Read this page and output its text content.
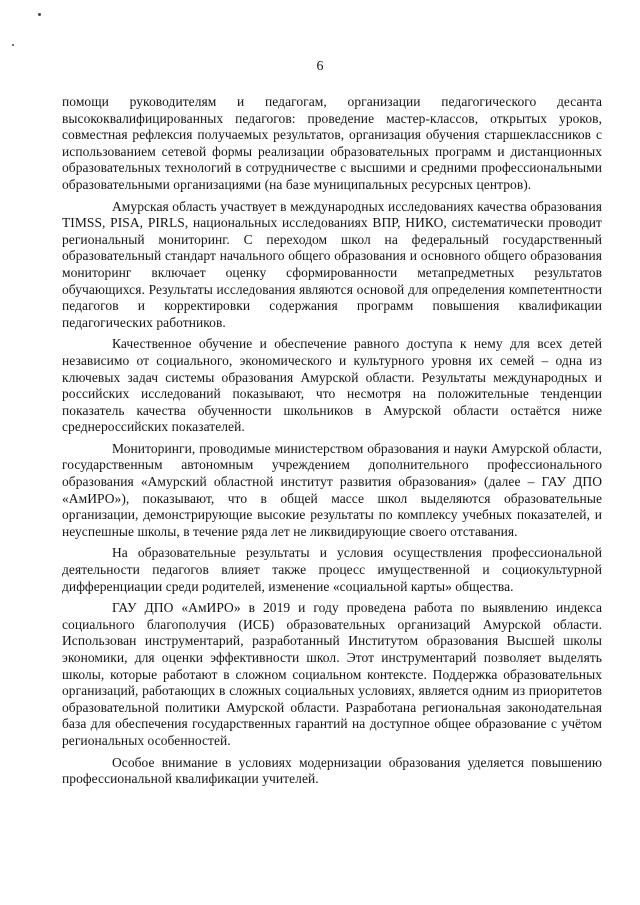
6

помощи руководителям и педагогам, организации педагогического десанта высококвалифицированных педагогов: проведение мастер-классов, открытых уроков, совместная рефлексия получаемых результатов, организация обучения старшеклассников с использованием сетевой формы реализации образовательных программ и дистанционных образовательных технологий в сотрудничестве с высшими и средними профессиональными образовательными организациями (на базе муниципальных ресурсных центров).

Амурская область участвует в международных исследованиях качества образования TIMSS, PISA, PIRLS, национальных исследованиях ВПР, НИКО, систематически проводит региональный мониторинг. С переходом школ на федеральный государственный образовательный стандарт начального общего образования и основного общего образования мониторинг включает оценку сформированности метапредметных результатов обучающихся. Результаты исследования являются основой для определения компетентности педагогов и корректировки содержания программ повышения квалификации педагогических работников.

Качественное обучение и обеспечение равного доступа к нему для всех детей независимо от социального, экономического и культурного уровня их семей – одна из ключевых задач системы образования Амурской области. Результаты международных и российских исследований показывают, что несмотря на положительные тенденции показатель качества обученности школьников в Амурской области остаётся ниже среднероссийских показателей.

Мониторинги, проводимые министерством образования и науки Амурской области, государственным автономным учреждением дополнительного профессионального образования «Амурский областной институт развития образования» (далее – ГАУ ДПО «АмИРО»), показывают, что в общей массе школ выделяются образовательные организации, демонстрирующие высокие результаты по комплексу учебных показателей, и неуспешные школы, в течение ряда лет не ликвидирующие своего отставания.

На образовательные результаты и условия осуществления профессиональной деятельности педагогов влияет также процесс имущественной и социокультурной дифференциации среди родителей, изменение «социальной карты» общества.

ГАУ ДПО «АмИРО» в 2019 и году проведена работа по выявлению индекса социального благополучия (ИСБ) образовательных организаций Амурской области. Использован инструментарий, разработанный Институтом образования Высшей школы экономики, для оценки эффективности школ. Этот инструментарий позволяет выделять школы, которые работают в сложном социальном контексте. Поддержка образовательных организаций, работающих в сложных социальных условиях, является одним из приоритетов образовательной политики Амурской области. Разработана региональная законодательная база для обеспечения государственных гарантий на доступное общее образование с учётом региональных особенностей.

Особое внимание в условиях модернизации образования уделяется повышению профессиональной квалификации учителей.
